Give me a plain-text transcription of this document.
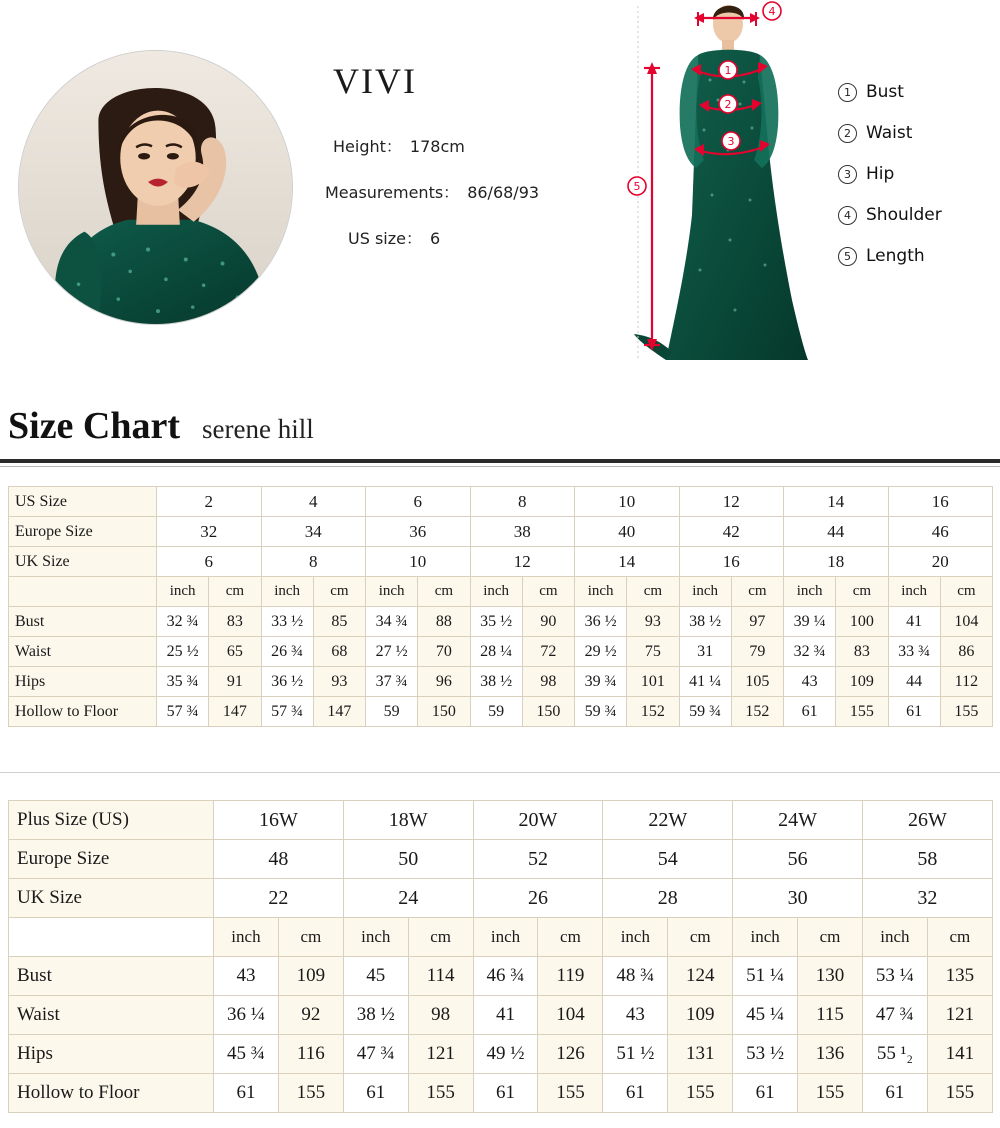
VIVI
Height： 178cm
Measurements： 86/68/93
US size： 6
1
2
3
4
5
1 Bust
2 Waist
3 Hip
4 Shoulder
5 Length
Size Chart serene hill
US Size	2		4		6		8		10		12		14		16	
Europe Size	32		34		36		38		40		42		44		46	
UK Size	6		8		10		12		14		16		18		20	
	inch	cm	inch	cm	inch	cm	inch	cm	inch	cm	inch	cm	inch	cm	inch	cm
Bust	32 ¾	83	33 ½	85	34 ¾	88	35 ½	90	36 ½	93	38 ½	97	39 ¼	100	41	104
Waist	25 ½	65	26 ¾	68	27 ½	70	28 ¼	72	29 ½	75	31	79	32 ¾	83	33 ¾	86
Hips	35 ¾	91	36 ½	93	37 ¾	96	38 ½	98	39 ¾	101	41 ¼	105	43	109	44	112
Hollow to Floor	57 ¾	147	57 ¾	147	59	150	59	150	59 ¾	152	59 ¾	152	61	155	61	155
Plus Size (US)	16W		18W		20W		22W		24W		26W	
Europe Size	48		50		52		54		56		58	
UK Size	22		24		26		28		30		32	
	inch	cm	inch	cm	inch	cm	inch	cm	inch	cm	inch	cm
Bust	43	109	45	114	46 ¾	119	48 ¾	124	51 ¼	130	53 ¼	135
Waist	36 ¼	92	38 ½	98	41	104	43	109	45 ¼	115	47 ¾	121
Hips	45 ¾	116	47 ¾	121	49 ½	126	51 ½	131	53 ½	136	55 ¹₂	141
Hollow to Floor	61	155	61	155	61	155	61	155	61	155	61	155
